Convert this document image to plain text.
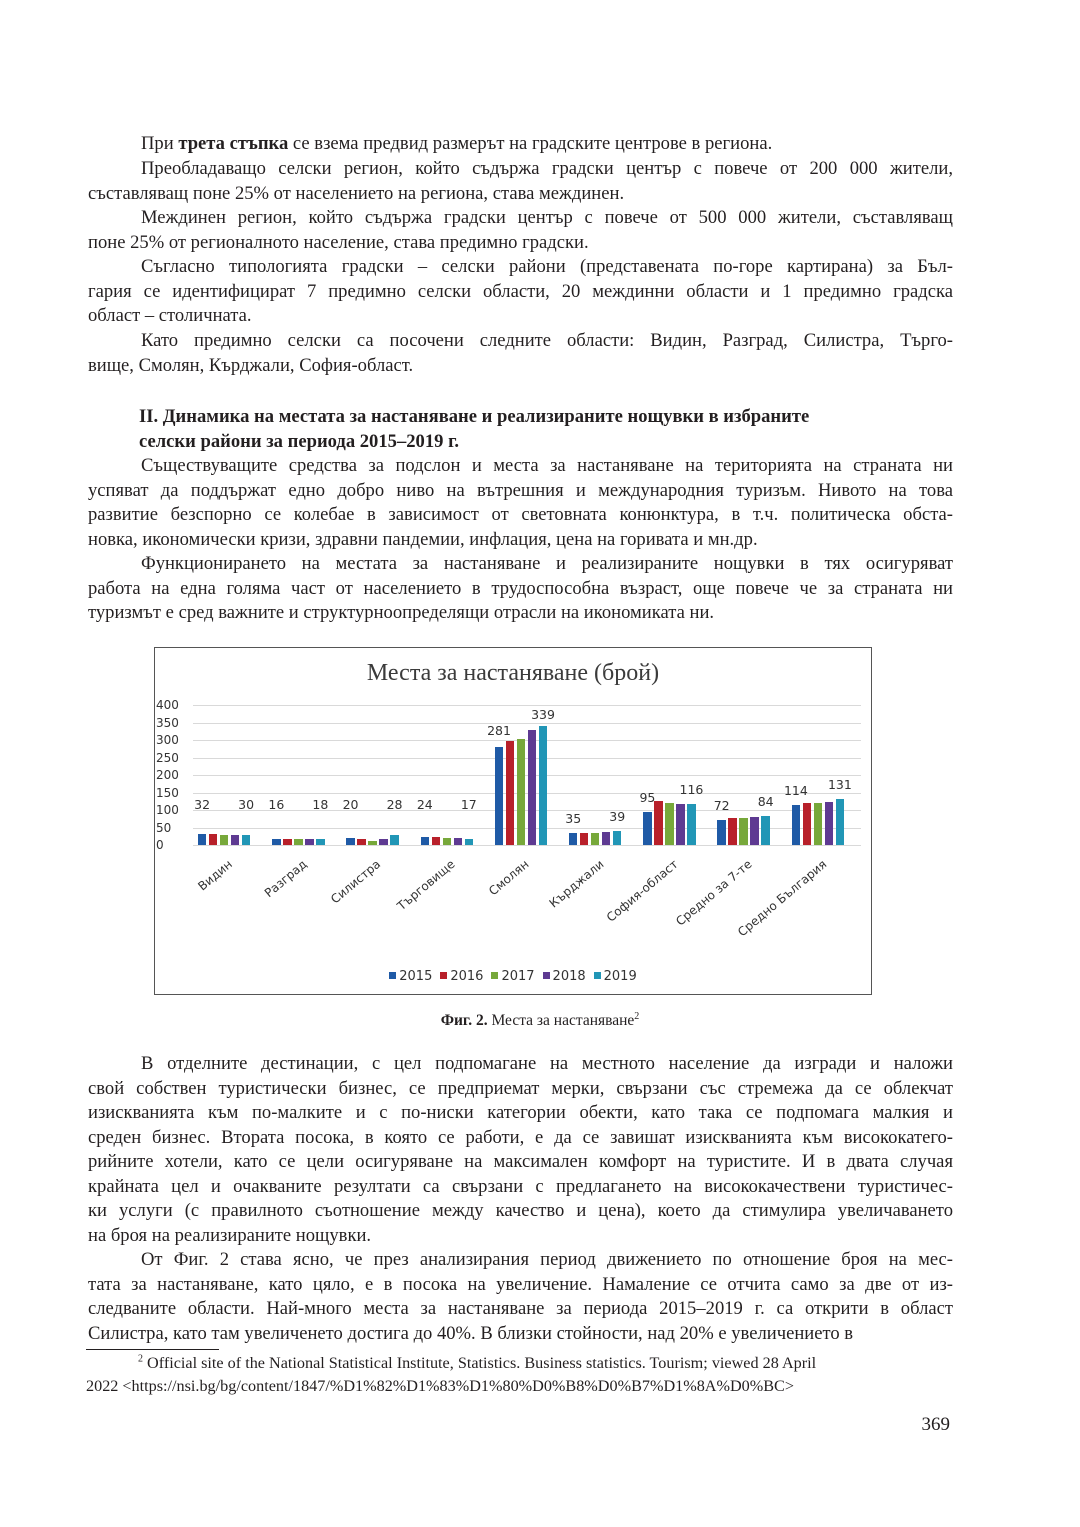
При трета стъпка се взема предвид размерът на градските центрове в региона.
Преобладаващо селски регион, който съдържа градски център с повече от 200 000 жители,
съставляващ поне 25% от населението на региона, става междинен.
Междинен регион, който съдържа градски център с повече от 500 000 жители, съставляващ
поне 25% от регионалното население, става предимно градски.
Съгласно типологията градски – селски райони (представената по-горе картирана) за Бъл-
гария се идентифицират 7 предимно селски области, 20 междинни области и 1 предимно градска
област – столичната.
Като предимно селски са посочени следните области: Видин, Разград, Силистра, Търго-
вище, Смолян, Кърджали, София-област.
II. Динамика на местата за настаняване и реализираните нощувки в избраните
селски райони за периода 2015–2019 г.
Съществуващите средства за подслон и места за настаняване на територията на страната ни
успяват да поддържат едно добро ниво на вътрешния и международния туризъм. Нивото на това
развитие безспорно се колебае в зависимост от световната конюнктура, в т.ч. политическа обста-
новка, икономически кризи, здравни пандемии, инфлация, цена на горивата и мн.др.
Функционирането на местата за настаняване и реализираните нощувки в тях осигуряват
работа на една голяма част от населението в трудоспособна възраст, още повече че за страната ни
туризмът е сред важните и структурноопределящи отрасли на икономиката ни.
Места за настаняване (брой)
400
350
300
250
200
150
100
50
0
32 30 16 18 20 28 24 17
281
339
35 39
95 116
72 84
114 131
Видин Разград Силистра Търговище Смолян Кърджали
София-област
Средно за 7-те
Средно България
2015 2016 2017 2018 2019
Фиг. 2. Места за настаняване$^2$
В отделните дестинации, с цел подпомагане на местното население да изгради и наложи
свой собствен туристически бизнес, се предприемат мерки, свързани със стремежа да се облекчат
изискванията към по-малките и с по-ниски категории обекти, като така се подпомага малкия и
среден бизнес. Втората посока, в която се работи, е да се завишат изискванията към висококатего-
рийните хотели, като се цели осигуряване на максимален комфорт на туристите. И в двата случая
крайната цел и очакваните резултати са свързани с предлагането на висококачествени туристичес-
ки услуги (с правилното съотношение между качество и цена), което да стимулира увеличаването
на броя на реализираните нощувки.
От Фиг. 2 става ясно, че през анализирания период движението по отношение броя на мес-
тата за настаняване, като цяло, е в посока на увеличение. Намаление се отчита само за две от из-
следваните области. Най-много места за настаняване за периода 2015–2019 г. са открити в област
Силистра, като там увеличенето достига до 40%. В близки стойности, над 20% е увеличението в
$^2$ Official site of the National Statistical Institute, Statistics. Business statistics. Tourism; viewed 28 April
2022 <https://nsi.bg/bg/content/1847/%D1%82%D1%83%D1%80%D0%B8%D0%B7%D1%8A%D0%BC>
369
